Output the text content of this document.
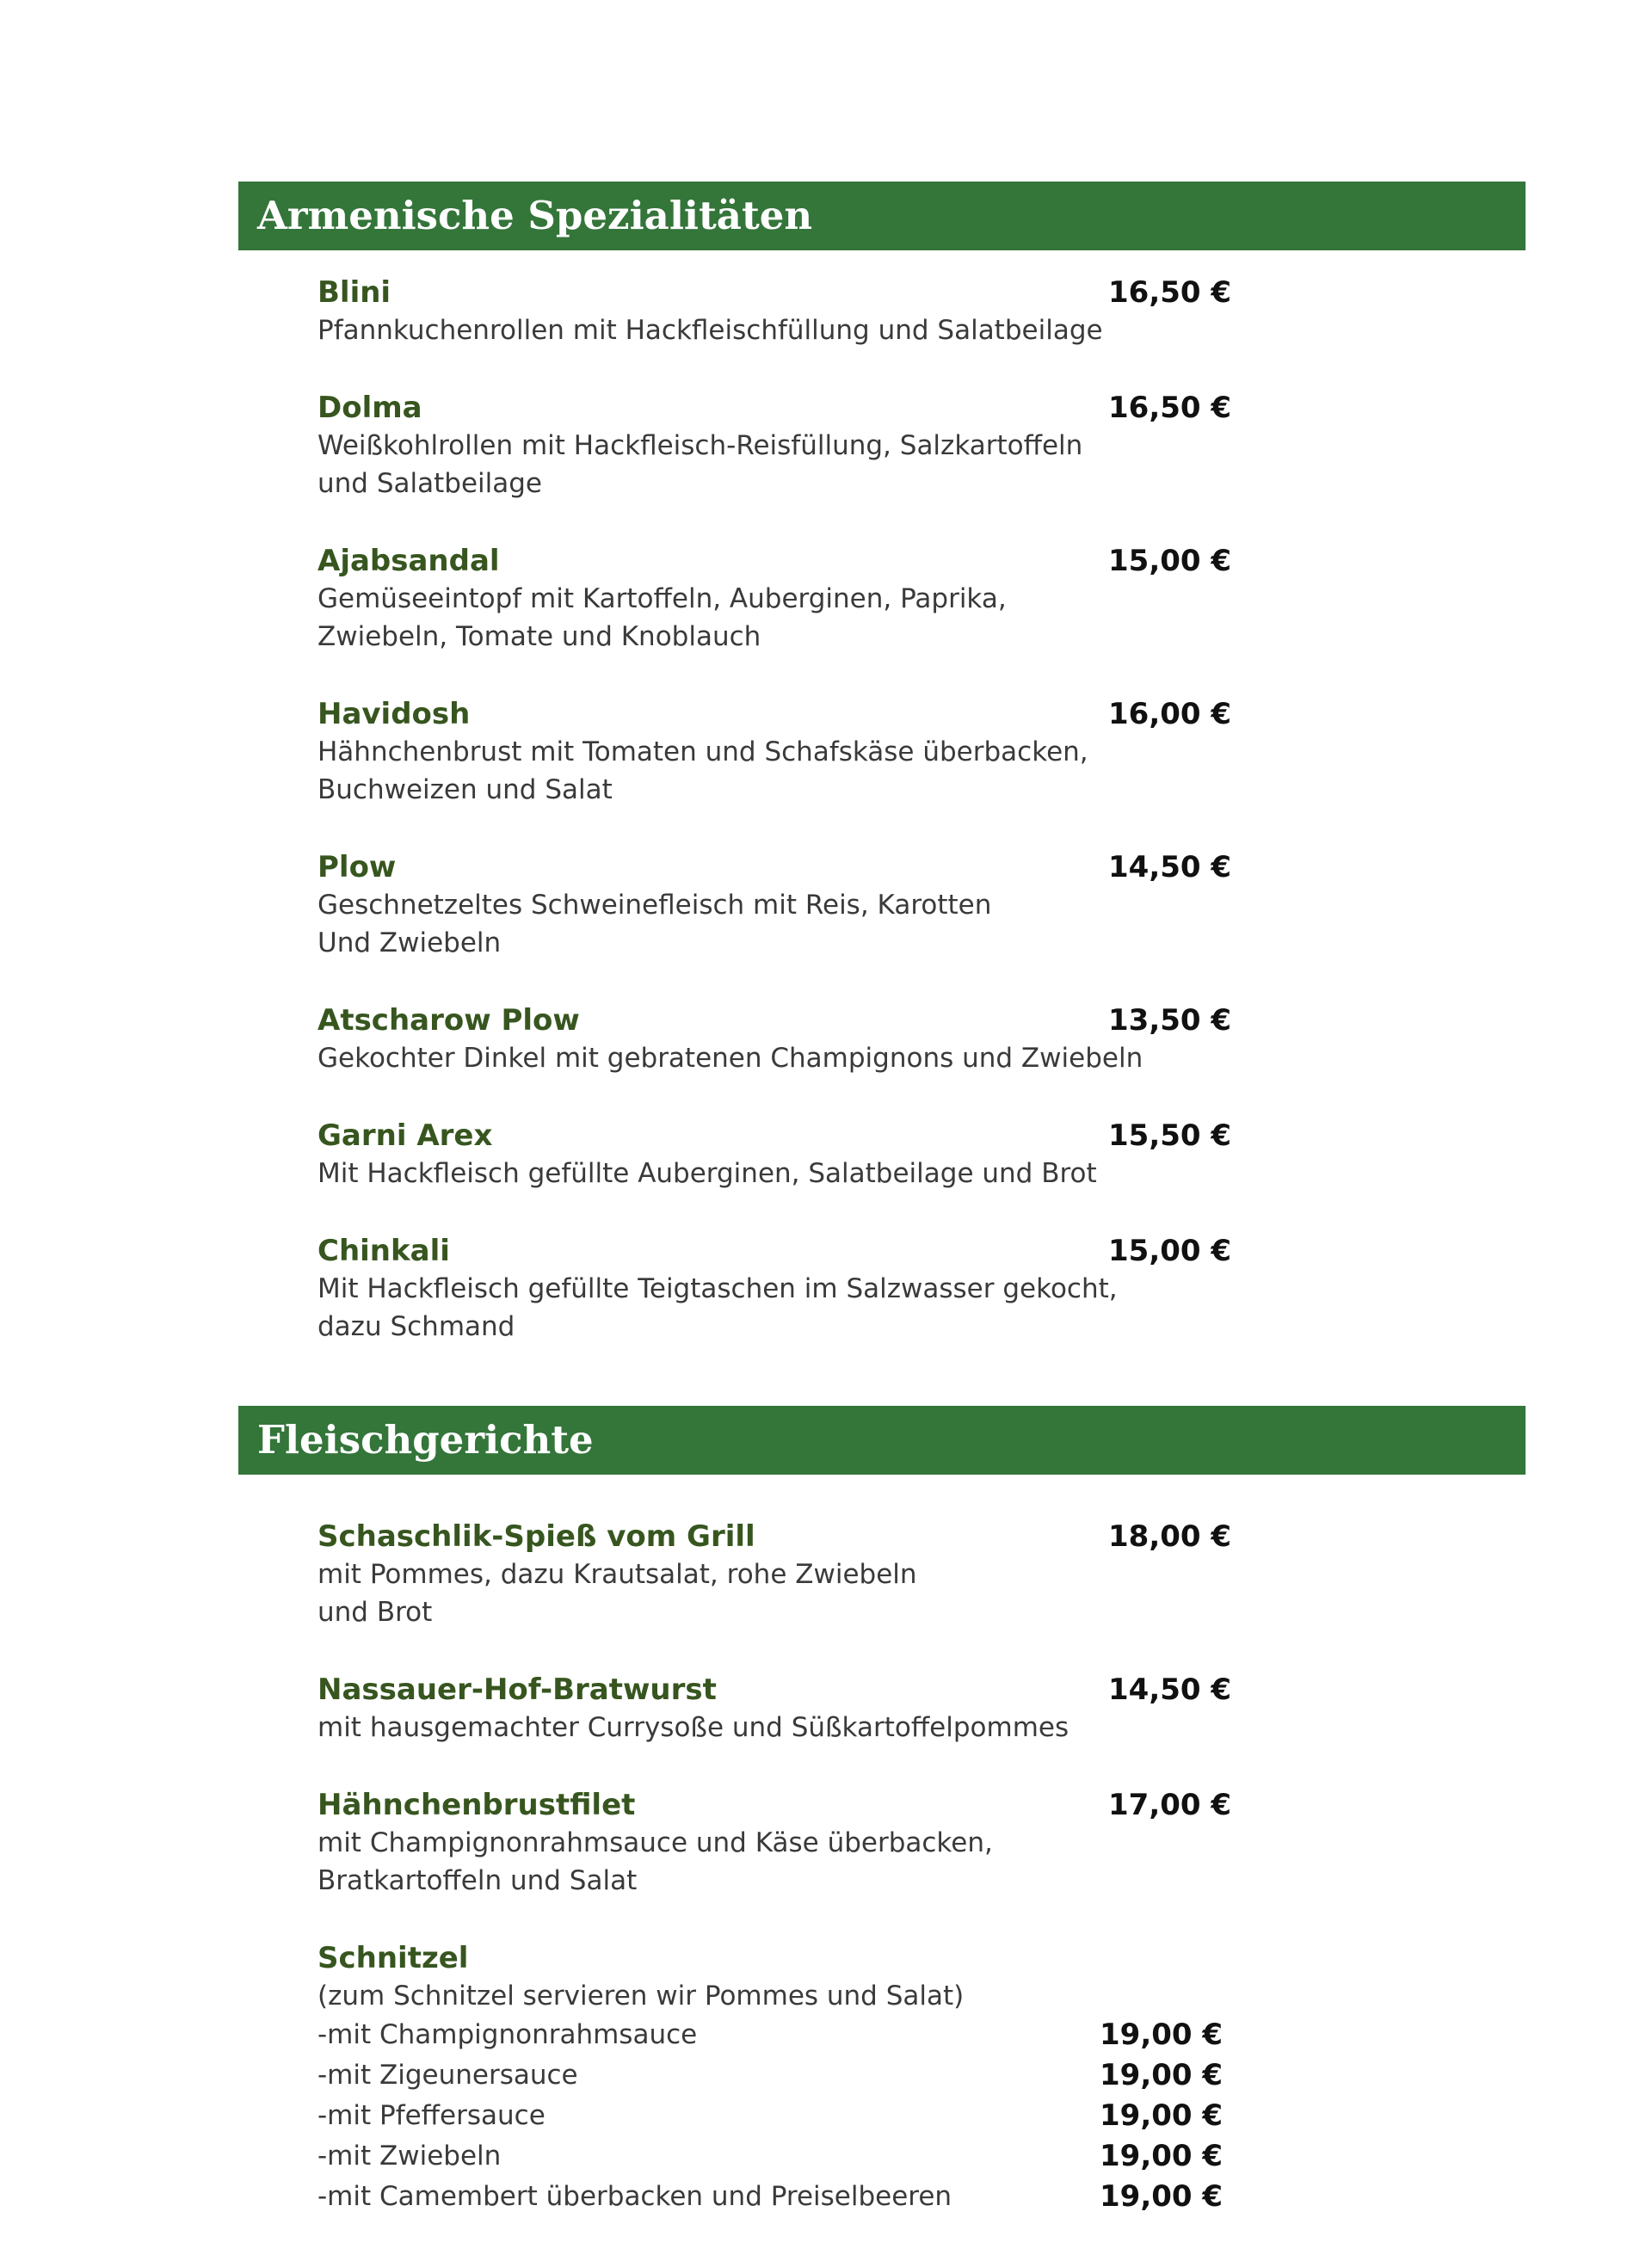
Armenische Spezialitäten
Blini	16,50 €
Pfannkuchenrollen mit Hackfleischfüllung und Salatbeilage
Dolma	16,50 €
Weißkohlrollen mit Hackfleisch-Reisfüllung, Salzkartoffeln
und Salatbeilage
Ajabsandal	15,00 €
Gemüseeintopf mit Kartoffeln, Auberginen, Paprika,
Zwiebeln, Tomate und Knoblauch
Havidosh	16,00 €
Hähnchenbrust mit Tomaten und Schafskäse überbacken,
Buchweizen und Salat
Plow	14,50 €
Geschnetzeltes Schweinefleisch mit Reis, Karotten
Und Zwiebeln
Atscharow Plow	13,50 €
Gekochter Dinkel mit gebratenen Champignons und Zwiebeln
Garni Arex	15,50 €
Mit Hackfleisch gefüllte Auberginen, Salatbeilage und Brot
Chinkali	15,00 €
Mit Hackfleisch gefüllte Teigtaschen im Salzwasser gekocht,
dazu Schmand
Fleischgerichte
Schaschlik-Spieß vom Grill	18,00 €
mit Pommes, dazu Krautsalat, rohe Zwiebeln
und Brot
Nassauer-Hof-Bratwurst	14,50 €
mit hausgemachter Currysoße und Süßkartoffelpommes
Hähnchenbrustfilet	17,00 €
mit Champignonrahmsauce und Käse überbacken,
Bratkartoffeln und Salat
Schnitzel
(zum Schnitzel servieren wir Pommes und Salat)
-mit Champignonrahmsauce	19,00 €
-mit Zigeunersauce	19,00 €
-mit Pfeffersauce	19,00 €
-mit Zwiebeln	19,00 €
-mit Camembert überbacken und Preiselbeeren	19,00 €
